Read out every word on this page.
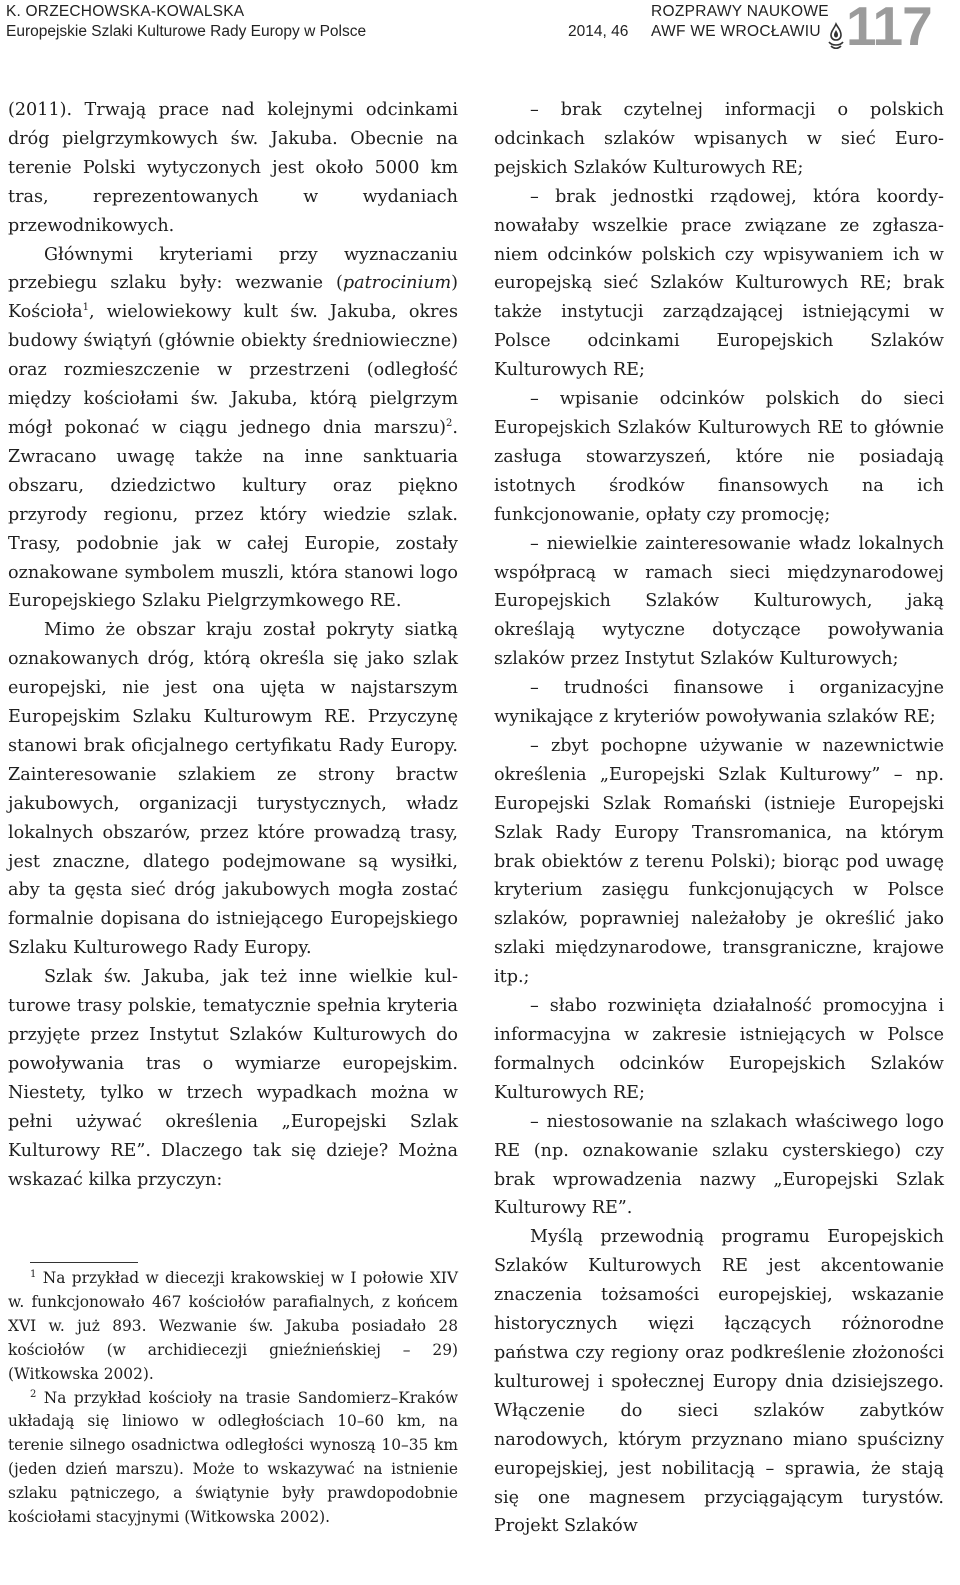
K. ORZECHOWSKA-KOWALSKA
Europejskie Szlaki Kulturowe Rady Europy w Polsce	2014, 46
ROZPRAWY NAUKOWE
AWF WE WROCŁAWIU 117

(2011). Trwają prace nad kolejnymi odcinkami dróg pielgrzymkowych św. Jakuba. Obecnie na terenie Polski wytyczonych jest około 5000 km tras, reprezentowanych w wydaniach przewodnikowych.

Głównymi kryteriami przy wyznaczaniu przebiegu szlaku były: wezwanie (patrocinium) Kościoła$^1$, wielowiekowy kult św. Jakuba, okres budowy świątyń (głównie obiekty średniowieczne) oraz rozmieszczenie w przestrzeni (odległość między kościołami św. Jakuba, którą pielgrzym mógł pokonać w ciągu jednego dnia marszu)$^2$. Zwracano uwagę także na inne sanktuaria obszaru, dziedzictwo kultury oraz piękno przyrody regionu, przez który wiedzie szlak. Trasy, podobnie jak w całej Europie, zostały oznakowane symbolem muszli, która stanowi logo Europejskiego Szlaku Pielgrzymkowego RE.

Mimo że obszar kraju został pokryty siatką oznakowanych dróg, którą określa się jako szlak europejski, nie jest ona ujęta w najstarszym Europejskim Szlaku Kulturowym RE. Przyczynę stanowi brak oficjalnego certyfikatu Rady Europy. Zainteresowanie szlakiem ze strony bractw jakubowych, organizacji turystycznych, władz lokalnych obszarów, przez które prowadzą trasy, jest znaczne, dlatego podejmowane są wysiłki, aby ta gęsta sieć dróg jakubowych mogła zostać formalnie dopisana do istniejącego Europejskiego Szlaku Kulturowego Rady Europy.

Szlak św. Jakuba, jak też inne wielkie kulturowe trasy polskie, tematycznie spełnia kryteria przyjęte przez Instytut Szlaków Kulturowych do powoływania tras o wymiarze europejskim. Niestety, tylko w trzech wypadkach można w pełni używać określenia „Europejski Szlak Kulturowy RE”. Dlaczego tak się dzieje? Można wskazać kilka przyczyn:

$^1$ Na przykład w diecezji krakowskiej w I połowie XIV w. funkcjonowało 467 kościołów parafialnych, z końcem XVI w. już 893. Wezwanie św. Jakuba posiadało 28 kościołów (w archidiecezji gnieźnieńskiej – 29) (Witkowska 2002).

$^2$ Na przykład kościoły na trasie Sandomierz–Kraków układają się liniowo w odległościach 10–60 km, na terenie silnego osadnictwa odległości wynoszą 10–35 km (jeden dzień marszu). Może to wskazywać na istnienie szlaku pątniczego, a świątynie były prawdopodobnie kościołami stacyjnymi (Witkowska 2002).

– brak czytelnej informacji o polskich odcinkach szlaków wpisanych w sieć Europejskich Szlaków Kulturowych RE;

– brak jednostki rządowej, która koordynowałaby wszelkie prace związane ze zgłaszaniem odcinków polskich czy wpisywaniem ich w europejską sieć Szlaków Kulturowych RE; brak także instytucji zarządzającej istniejącymi w Polsce odcinkami Europejskich Szlaków Kulturowych RE;

– wpisanie odcinków polskich do sieci Europejskich Szlaków Kulturowych RE to głównie zasługa stowarzyszeń, które nie posiadają istotnych środków finansowych na ich funkcjonowanie, opłaty czy promocję;

– niewielkie zainteresowanie władz lokalnych współpracą w ramach sieci międzynarodowej Europejskich Szlaków Kulturowych, jaką określają wytyczne dotyczące powoływania szlaków przez Instytut Szlaków Kulturowych;

– trudności finansowe i organizacyjne wynikające z kryteriów powoływania szlaków RE;

– zbyt pochopne używanie w nazewnictwie określenia „Europejski Szlak Kulturowy” – np. Europejski Szlak Romański (istnieje Europejski Szlak Rady Europy Transromanica, na którym brak obiektów z terenu Polski); biorąc pod uwagę kryterium zasięgu funkcjonujących w Polsce szlaków, poprawniej należałoby je określić jako szlaki międzynarodowe, transgraniczne, krajowe itp.;

– słabo rozwinięta działalność promocyjna i informacyjna w zakresie istniejących w Polsce formalnych odcinków Europejskich Szlaków Kulturowych RE;

– niestosowanie na szlakach właściwego logo RE (np. oznakowanie szlaku cysterskiego) czy brak wprowadzenia nazwy „Europejski Szlak Kulturowy RE”.

Myślą przewodnią programu Europejskich Szlaków Kulturowych RE jest akcentowanie znaczenia tożsamości europejskiej, wskazanie historycznych więzi łączących różnorodne państwa czy regiony oraz podkreślenie złożoności kulturowej i społecznej Europy dnia dzisiejszego. Włączenie do sieci szlaków zabytków narodowych, którym przyznano miano spuścizny europejskiej, jest nobilitacją – sprawia, że stają się one magnesem przyciągającym turystów. Projekt Szlaków
